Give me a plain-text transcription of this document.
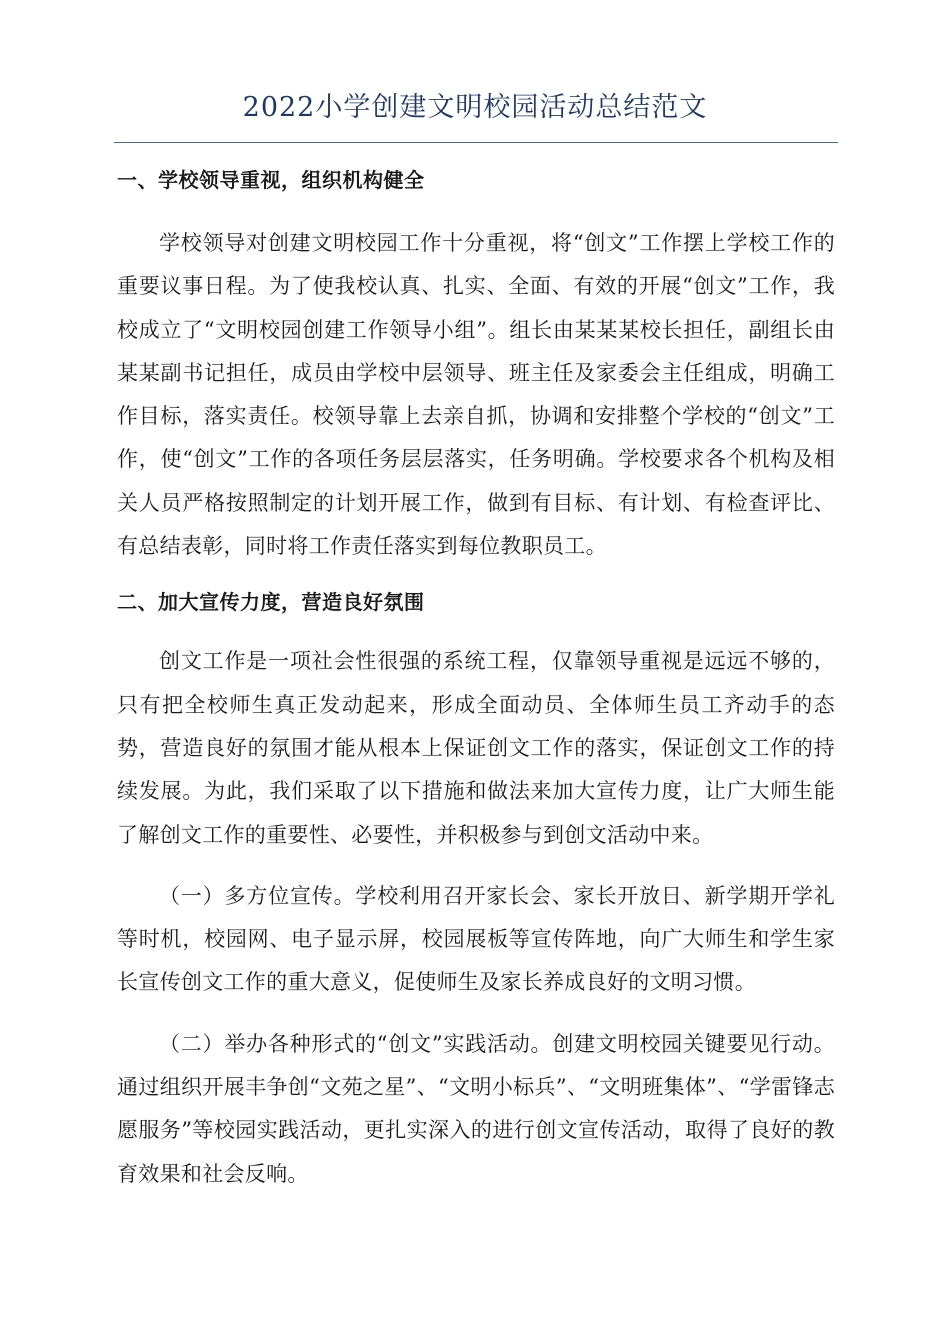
2022小学创建文明校园活动总结范文
一、学校领导重视，组织机构健全

学校领导对创建文明校园工作十分重视，将“创文”工作摆上学校工作的重要议事日程。为了使我校认真、扎实、全面、有效的开展“创文”工作，我校成立了“文明校园创建工作领导小组”。组长由某某某校长担任，副组长由某某副书记担任，成员由学校中层领导、班主任及家委会主任组成，明确工作目标，落实责任。校领导靠上去亲自抓，协调和安排整个学校的“创文”工作，使“创文”工作的各项任务层层落实，任务明确。学校要求各个机构及相关人员严格按照制定的计划开展工作，做到有目标、有计划、有检查评比、有总结表彰，同时将工作责任落实到每位教职员工。

二、加大宣传力度，营造良好氛围

创文工作是一项社会性很强的系统工程，仅靠领导重视是远远不够的，只有把全校师生真正发动起来，形成全面动员、全体师生员工齐动手的态势，营造良好的氛围才能从根本上保证创文工作的落实，保证创文工作的持续发展。为此，我们采取了以下措施和做法来加大宣传力度，让广大师生能了解创文工作的重要性、必要性，并积极参与到创文活动中来。

（一）多方位宣传。学校利用召开家长会、家长开放日、新学期开学礼等时机，校园网、电子显示屏，校园展板等宣传阵地，向广大师生和学生家长宣传创文工作的重大意义，促使师生及家长养成良好的文明习惯。

（二）举办各种形式的“创文”实践活动。创建文明校园关键要见行动。通过组织开展丰争创“文苑之星”、“文明小标兵”、“文明班集体”、“学雷锋志愿服务”等校园实践活动，更扎实深入的进行创文宣传活动，取得了良好的教育效果和社会反响。
